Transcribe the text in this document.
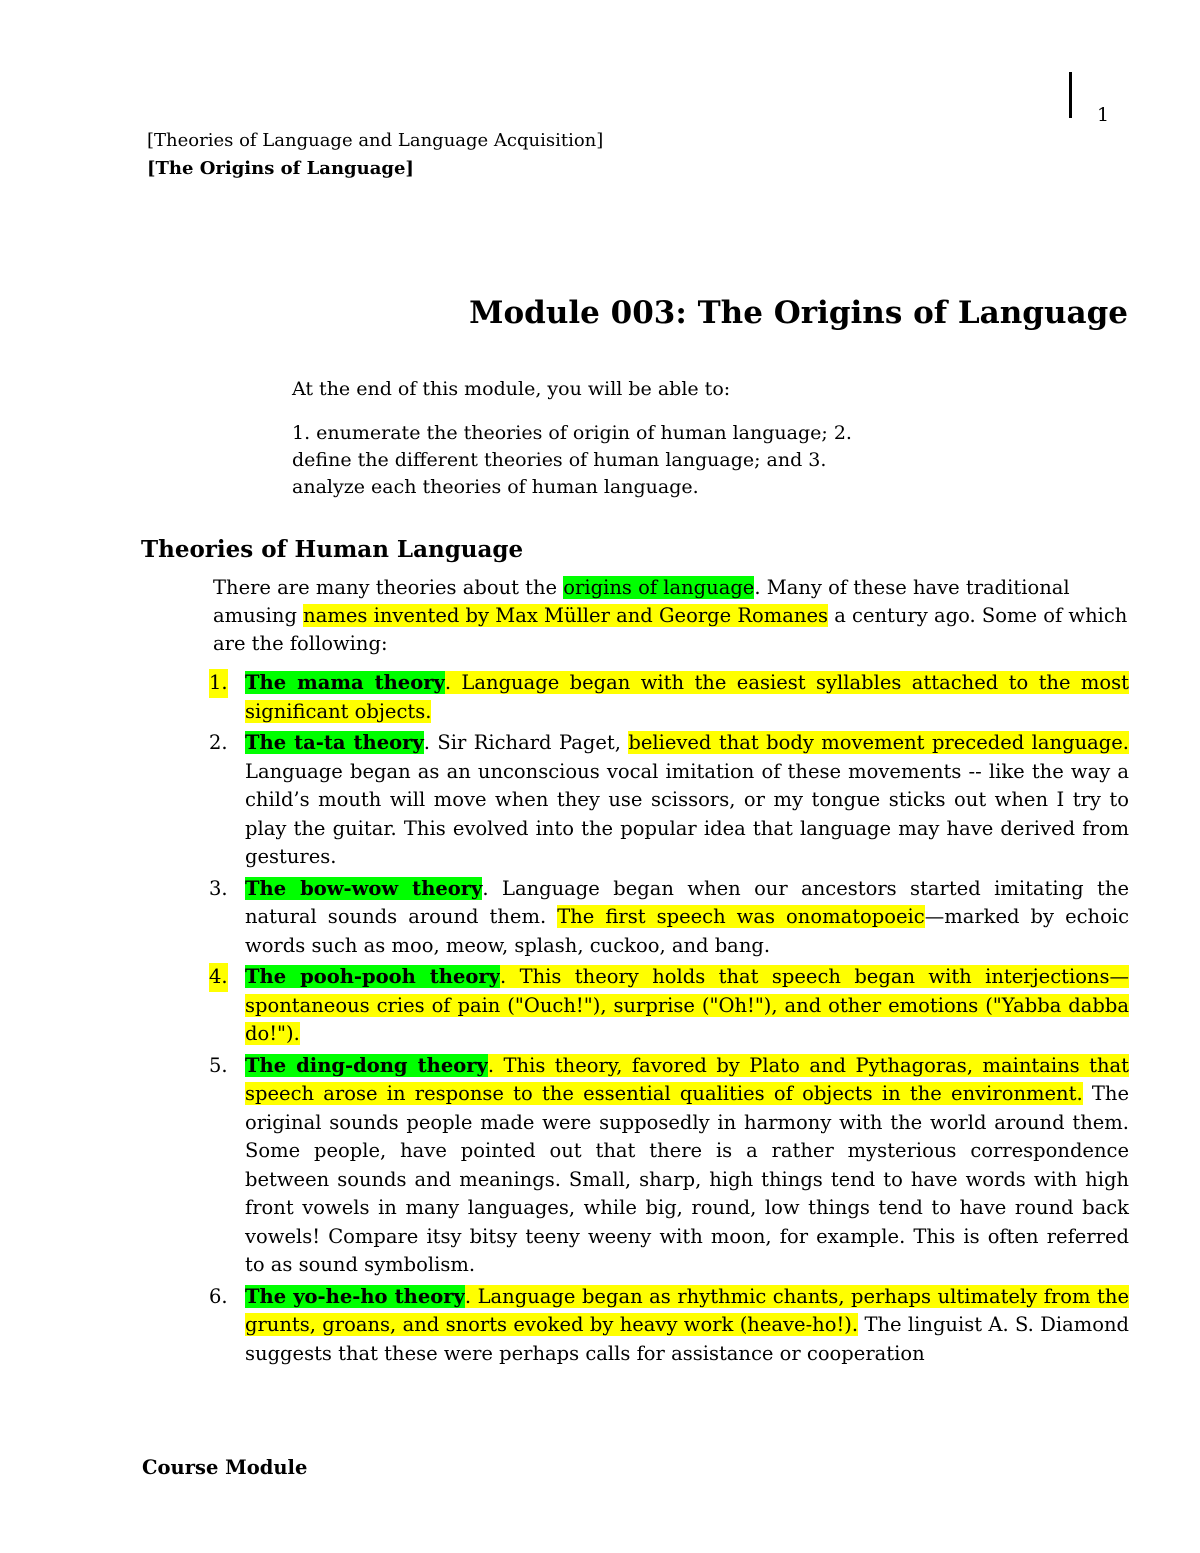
1
[Theories of Language and Language Acquisition]
[The Origins of Language]
Module 003: The Origins of Language
At the end of this module, you will be able to:
1. enumerate the theories of origin of human language; 2.
define the different theories of human language; and 3.
analyze each theories of human language.
Theories of Human Language
There are many theories about the origins of language. Many of these have traditional amusing names invented by Max Müller and George Romanes a century ago. Some of which are the following:
1. The mama theory. Language began with the easiest syllables attached to the most significant objects.
2. The ta-ta theory. Sir Richard Paget, believed that body movement preceded language. Language began as an unconscious vocal imitation of these movements -- like the way a child’s mouth will move when they use scissors, or my tongue sticks out when I try to play the guitar. This evolved into the popular idea that language may have derived from gestures.
3. The bow-wow theory. Language began when our ancestors started imitating the natural sounds around them. The first speech was onomatopoeic—marked by echoic words such as moo, meow, splash, cuckoo, and bang.
4. The pooh-pooh theory. This theory holds that speech began with interjections—spontaneous cries of pain ("Ouch!"), surprise ("Oh!"), and other emotions ("Yabba dabba do!").
5. The ding-dong theory. This theory, favored by Plato and Pythagoras, maintains that speech arose in response to the essential qualities of objects in the environment. The original sounds people made were supposedly in harmony with the world around them. Some people, have pointed out that there is a rather mysterious correspondence between sounds and meanings. Small, sharp, high things tend to have words with high front vowels in many languages, while big, round, low things tend to have round back vowels! Compare itsy bitsy teeny weeny with moon, for example. This is often referred to as sound symbolism.
6. The yo-he-ho theory. Language began as rhythmic chants, perhaps ultimately from the grunts, groans, and snorts evoked by heavy work (heave-ho!). The linguist A. S. Diamond suggests that these were perhaps calls for assistance or cooperation
Course Module
